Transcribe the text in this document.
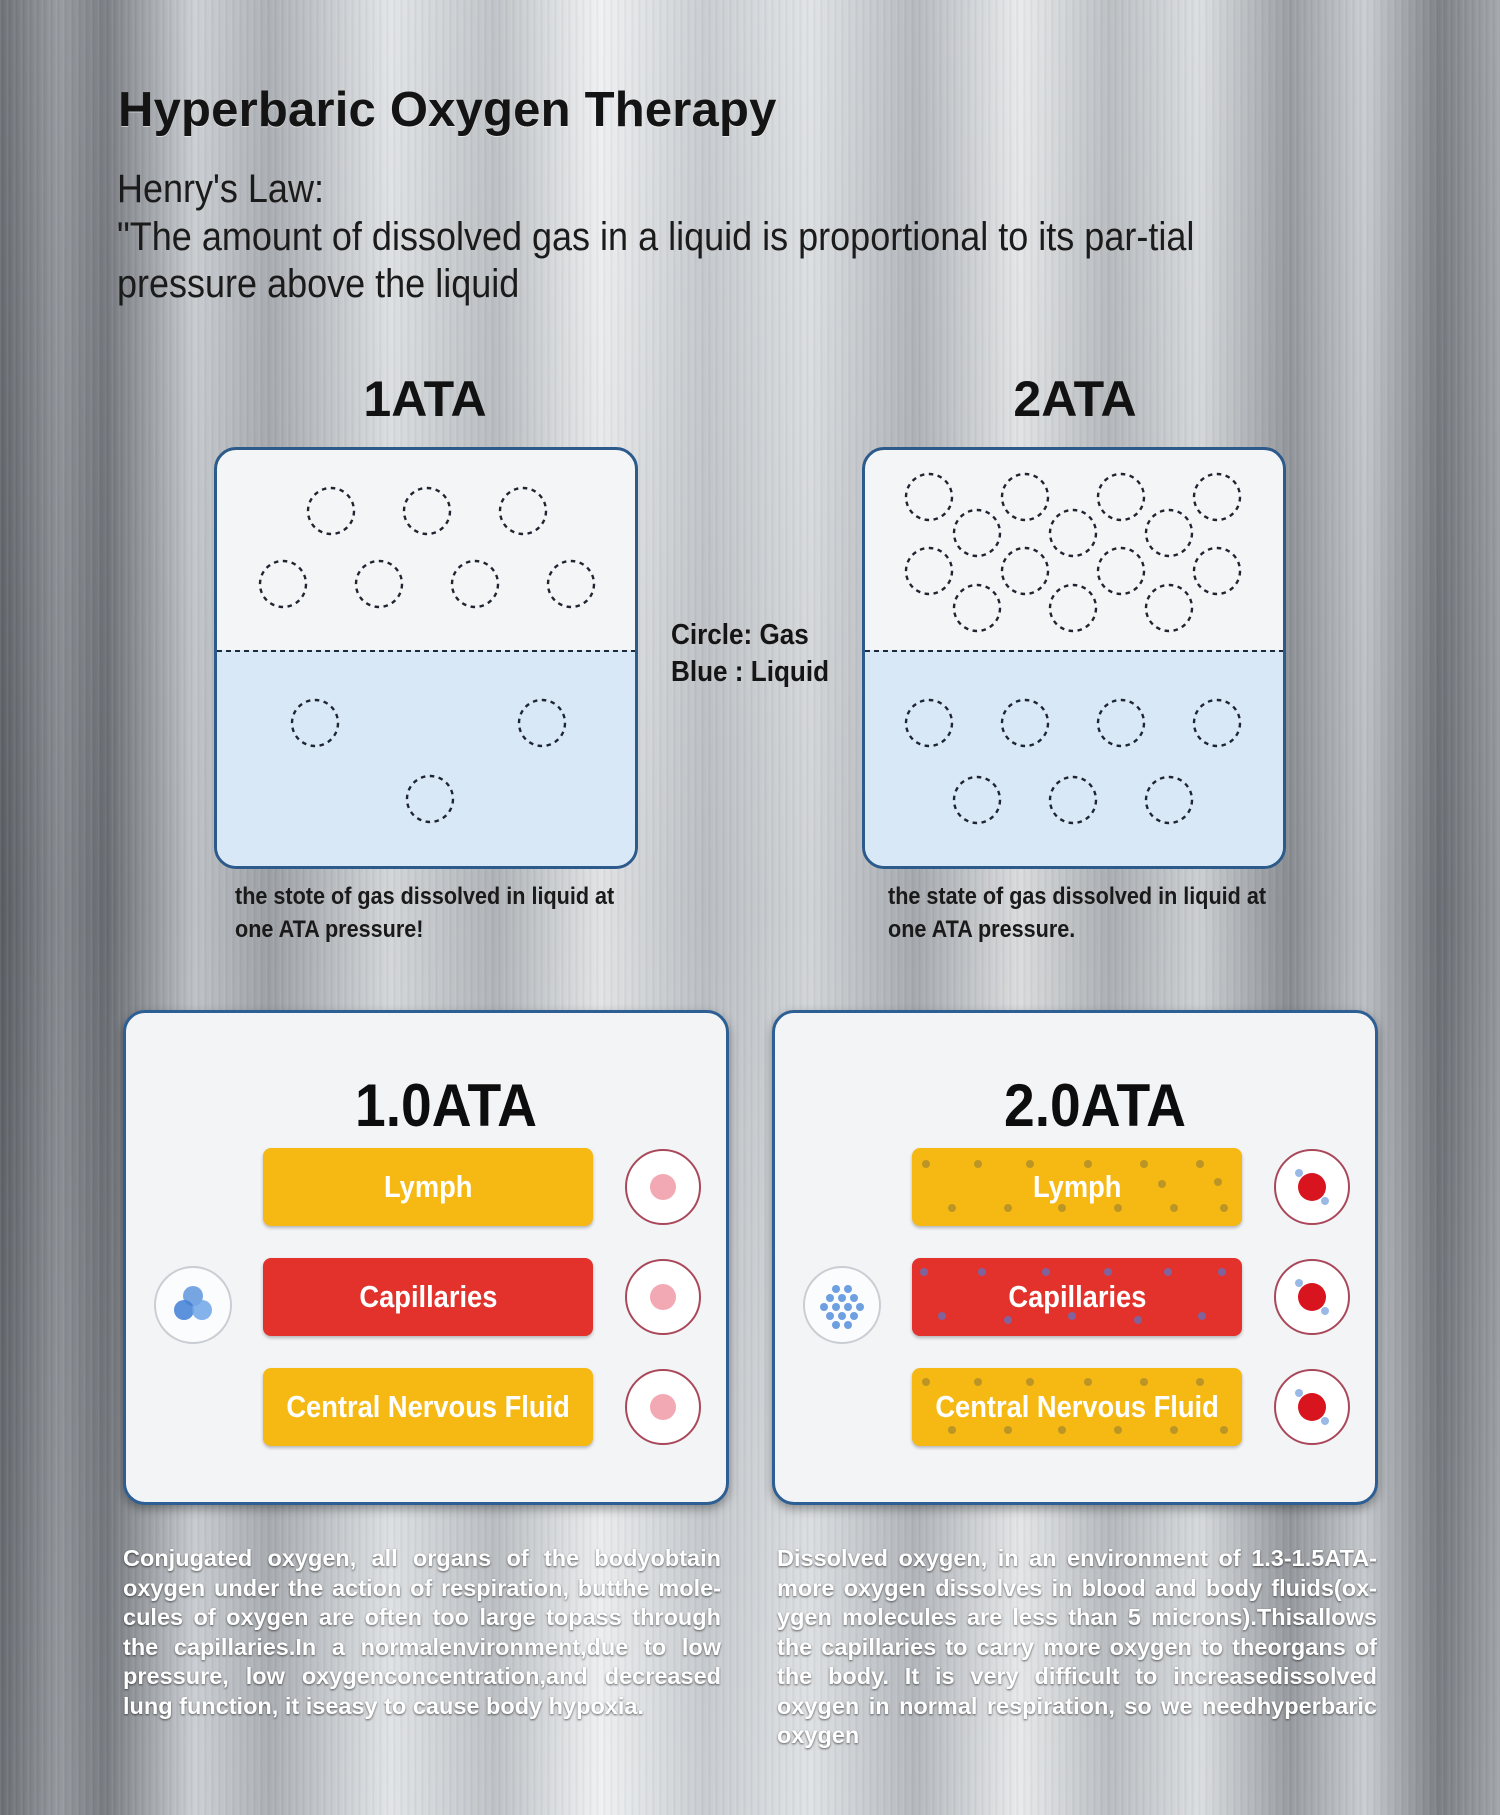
Hyperbaric Oxygen Therapy
Henry's Law:
"The amount of dissolved gas in a liquid is proportional to its par-tial pressure above the liquid
1ATA	2ATA
Circle: Gas
Blue : Liquid
the stote of gas dissolved in liquid at one ATA pressure!
the state of gas dissolved in liquid at one ATA pressure.
1.0ATA
Lymph
Capillaries
Central Nervous Fluid
2.0ATA
Lymph
Capillaries
Central Nervous Fluid
Conjugated oxygen, all organs of the bodyobtain oxygen under the action of respiration, butthe mole-cules of oxygen are often too large topass through the capillaries.In a normalenvironment,due to low pressure, low oxygenconcentration,and decreased lung function, it iseasy to cause body hypoxia.
Dissolved oxygen, in an environment of 1.3-1.5ATA-more oxygen dissolves in blood and body fluids(ox-ygen molecules are less than 5 microns).Thisallows the capillaries to carry more oxygen to theorgans of the body. It is very difficult to increasedissolved oxygen in normal respiration, so we needhyperbaric oxygen
